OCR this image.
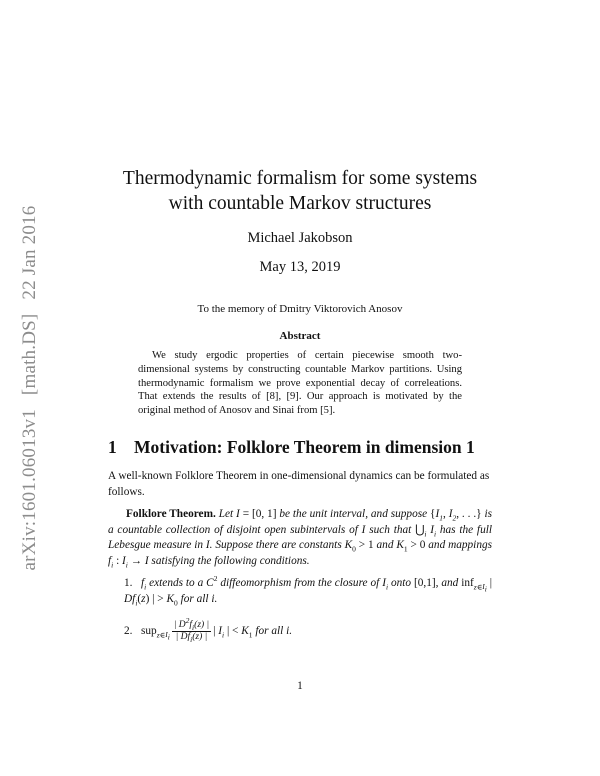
arXiv:1601.06013v1[math.DS]22 Jan 2016
Thermodynamic formalism for some systems
with countable Markov structures
Michael Jakobson
May 13, 2019
To the memory of Dmitry Viktorovich Anosov
Abstract
We study ergodic properties of certain piecewise smooth two-dimensional systems by constructing countable Markov partitions. Using thermodynamic formalism we prove exponential decay of correleations. That extends the results of [8], [9]. Our approach is motivated by the original method of Anosov and Sinai from [5].
1 Motivation: Folklore Theorem in dimension 1
A well-known Folklore Theorem in one-dimensional dynamics can be formulated as follows.
Folklore Theorem. Let I = [0, 1] be the unit interval, and suppose {$I_1$, $I_2$, . . .} is a countable collection of disjoint open subintervals of I such that $⋃_i$ $I_i$ has the full Lebesgue measure in I. Suppose there are constants $K_0 > 1$ and $K_1 > 0$ and mappings $f_i$ : $I_i \to I$ satisfying the following conditions.
1. $f_i$ extends to a $C^2$ diffeomorphism from the closure of $I_i$ onto [0,1], and inf$_{z\in I_i}$ | $Df_i(z)$ | > $K_0$ for all i.
2. $sup_{z\in I_i} \frac{| D^2f_i(z) |}{| Df_i(z) |}$ | $I_i$ | < $K_1$ for all i.
1
